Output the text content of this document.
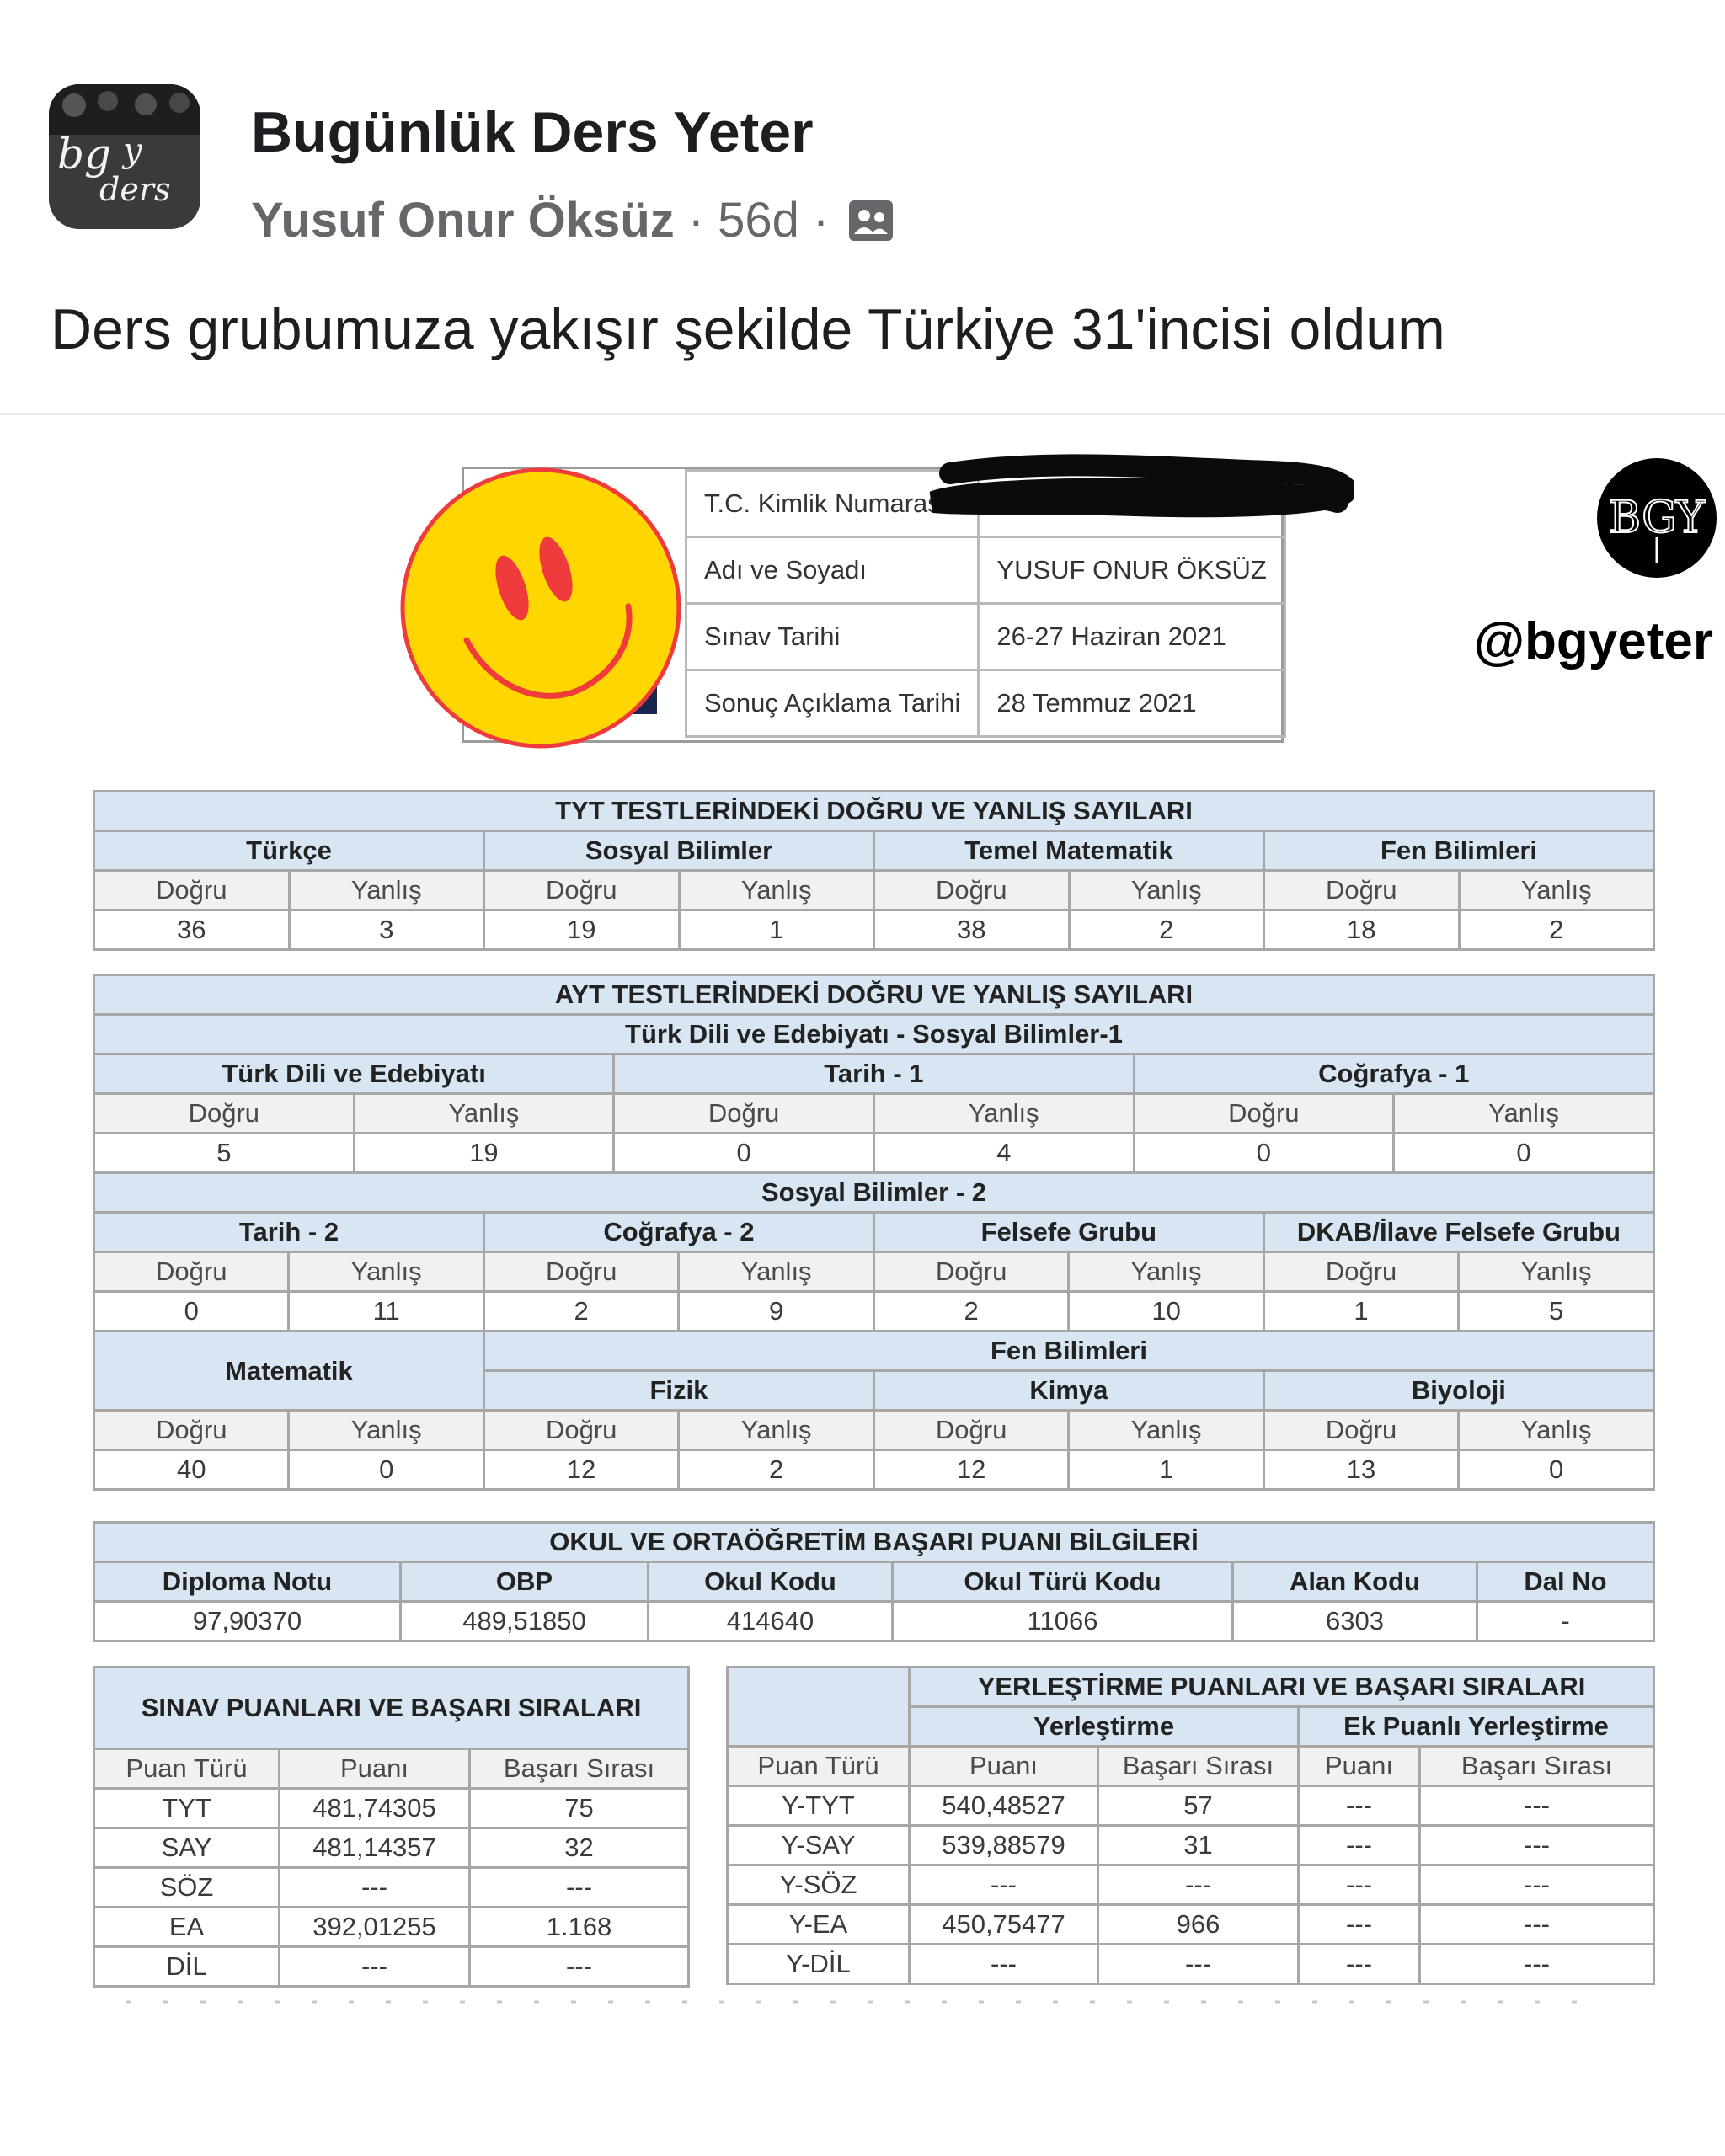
bg y
ders
Bugünlük Ders Yeter
Yusuf Onur Öksüz · 56d ·
Ders grubumuza yakışır şekilde Türkiye 31'incisi oldum
T.C. Kimlik Numarası	
Adı ve Soyadı	YUSUF ONUR ÖKSÜZ
Sınav Tarihi	26-27 Haziran 2021
Sonuç Açıklama Tarihi	28 Temmuz 2021
BGY
@bgyeter
TYT TESTLERİNDEKİ DOĞRU VE YANLIŞ SAYILARI							
Türkçe		Sosyal Bilimler		Temel Matematik		Fen Bilimleri	
Doğru	Yanlış	Doğru	Yanlış	Doğru	Yanlış	Doğru	Yanlış
36	3	19	1	38	2	18	2
AYT TESTLERİNDEKİ DOĞRU VE YANLIŞ SAYILARI											
Türk Dili ve Edebiyatı - Sosyal Bilimler-1											
Türk Dili ve Edebiyatı				Tarih - 1				Coğrafya - 1			
Doğru		Yanlış		Doğru		Yanlış		Doğru		Yanlış	
5		19		0		4		0		0	
Sosyal Bilimler - 2											
Tarih - 2			Coğrafya - 2			Felsefe Grubu			DKAB/İlave Felsefe Grubu		
Doğru	Yanlış		Doğru		Yanlış	Doğru	Yanlış		Doğru		Yanlış
0	11		2		9	2	10		1		5
Matematik			Fen Bilimleri								
			Fizik			Kimya			Biyoloji		
Doğru	Yanlış		Doğru		Yanlış	Doğru	Yanlış		Doğru		Yanlış
40	0		12		2	12	1		13		0
OKUL VE ORTAÖĞRETİM BAŞARI PUANI BİLGİLERİ					
Diploma Notu	OBP	Okul Kodu	Okul Türü Kodu	Alan Kodu	Dal No
97,90370	489,51850	414640	11066	6303	-
SINAV PUANLARI VE BAŞARI SIRALARI		
Puan Türü	Puanı	Başarı Sırası
TYT	481,74305	75
SAY	481,14357	32
SÖZ	---	---
EA	392,01255	1.168
DİL	---	---
	YERLEŞTİRME PUANLARI VE BAŞARI SIRALARI			
	Yerleştirme		Ek Puanlı Yerleştirme	
Puan Türü	Puanı	Başarı Sırası	Puanı	Başarı Sırası
Y-TYT	540,48527	57	---	---
Y-SAY	539,88579	31	---	---
Y-SÖZ	---	---	---	---
Y-EA	450,75477	966	---	---
Y-DİL	---	---	---	---
